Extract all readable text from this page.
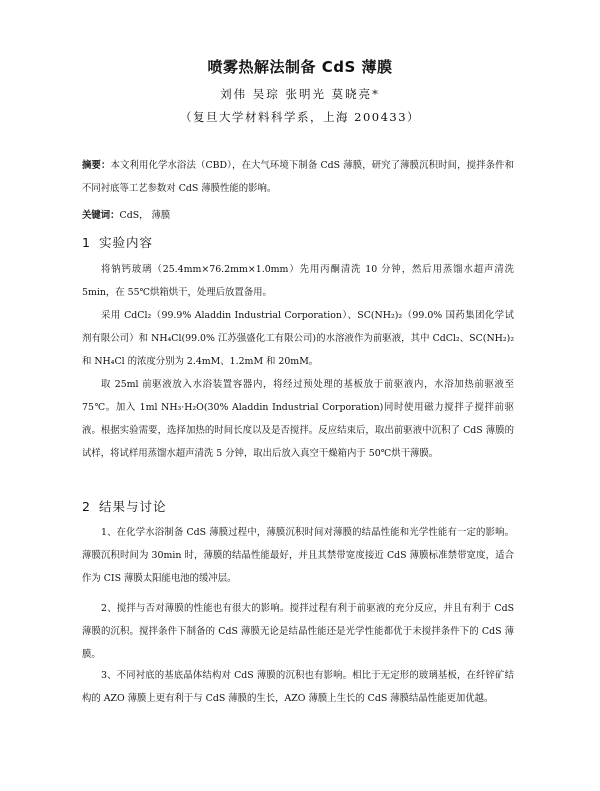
喷雾热解法制备 CdS 薄膜
刘伟 吴琮 张明光 莫晓亮*
（复旦大学材料科学系，上海 200433）

摘要：本文利用化学水浴法（CBD），在大气环境下制备 CdS 薄膜，研究了薄膜沉积时间，搅拌条件和不同衬底等工艺参数对 CdS 薄膜性能的影响。

关键词：CdS， 薄膜

1 实验内容

将钠钙玻璃（25.4mm×76.2mm×1.0mm）先用丙酮清洗 10 分钟，然后用蒸馏水超声清洗 5min，在 55℃烘箱烘干，处理后放置备用。

采用 CdCl₂（99.9% Aladdin Industrial Corporation）、SC(NH₂)₂（99.0% 国药集团化学试剂有限公司）和 NH₄Cl(99.0% 江苏强盛化工有限公司)的水溶液作为前驱液，其中 CdCl₂、SC(NH₂)₂和 NH₄Cl 的浓度分别为 2.4mM、1.2mM 和 20mM。

取 25ml 前驱液放入水浴装置容器内，将经过预处理的基板放于前驱液内，水浴加热前驱液至 75℃。加入 1ml NH₃·H₂O(30% Aladdin Industrial Corporation)同时使用磁力搅拌子搅拌前驱液。根据实验需要，选择加热的时间长度以及是否搅拌。反应结束后，取出前驱液中沉积了 CdS 薄膜的试样，将试样用蒸馏水超声清洗 5 分钟，取出后放入真空干燥箱内于 50℃烘干薄膜。

2 结果与讨论

1、在化学水浴制备 CdS 薄膜过程中，薄膜沉积时间对薄膜的结晶性能和光学性能有一定的影响。薄膜沉积时间为 30min 时，薄膜的结晶性能最好，并且其禁带宽度接近 CdS 薄膜标准禁带宽度，适合作为 CIS 薄膜太阳能电池的缓冲层。

2、搅拌与否对薄膜的性能也有很大的影响。搅拌过程有利于前驱液的充分反应，并且有利于 CdS 薄膜的沉积。搅拌条件下制备的 CdS 薄膜无论是结晶性能还是光学性能都优于未搅拌条件下的 CdS 薄膜。

3、不同衬底的基底晶体结构对 CdS 薄膜的沉积也有影响。相比于无定形的玻璃基板，在纤锌矿结构的 AZO 薄膜上更有利于与 CdS 薄膜的生长，AZO 薄膜上生长的 CdS 薄膜结晶性能更加优越。
